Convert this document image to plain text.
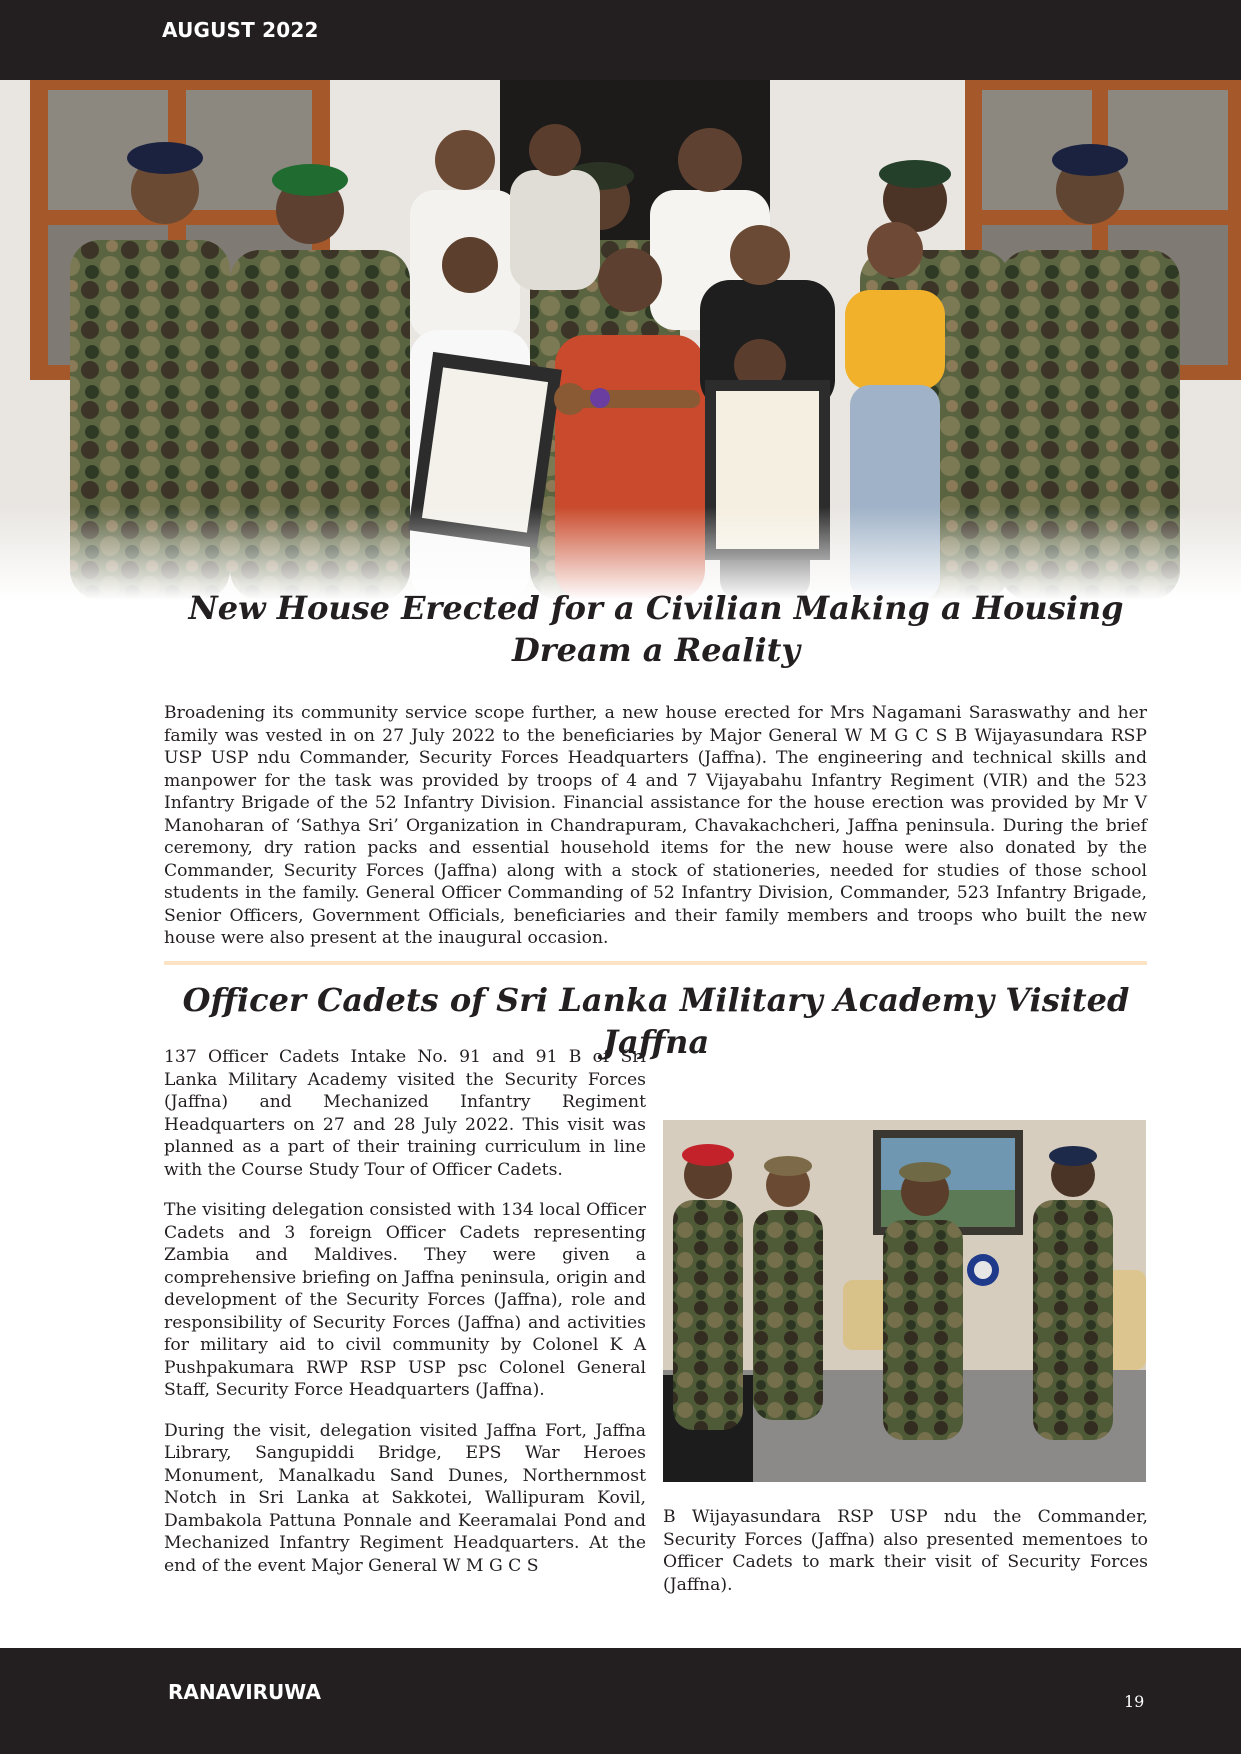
AUGUST 2022
New House Erected for a Civilian Making a Housing Dream a Reality

Broadening its community service scope further, a new house erected for Mrs Nagamani Saraswathy and her family was vested in on 27 July 2022 to the beneficiaries by Major General W M G C S B Wijayasundara RSP USP USP ndu Commander, Security Forces Headquarters (Jaffna). The engineering and technical skills and manpower for the task was provided by troops of 4 and 7 Vijayabahu Infantry Regiment (VIR) and the 523 Infantry Brigade of the 52 Infantry Division. Financial assistance for the house erection was provided by Mr V Manoharan of ‘Sathya Sri’ Organization in Chandrapuram, Chavakachcheri, Jaffna peninsula. During the brief ceremony, dry ration packs and essential household items for the new house were also donated by the Commander, Security Forces (Jaffna) along with a stock of stationeries, needed for studies of those school students in the family. General Officer Commanding of 52 Infantry Division, Commander, 523 Infantry Brigade, Senior Officers, Government Officials, beneficiaries and their family members and troops who built the new house were also present at the inaugural occasion.

Officer Cadets of Sri Lanka Military Academy Visited Jaffna

137 Officer Cadets Intake No. 91 and 91 B of Sri Lanka Military Academy visited the Security Forces (Jaffna) and Mechanized Infantry Regiment Headquarters on 27 and 28 July 2022. This visit was planned as a part of their training curriculum in line with the Course Study Tour of Officer Cadets.

The visiting delegation consisted with 134 local Officer Cadets and 3 foreign Officer Cadets representing Zambia and Maldives. They were given a comprehensive briefing on Jaffna peninsula, origin and development of the Security Forces (Jaffna), role and responsibility of Security Forces (Jaffna) and activities for military aid to civil community by Colonel K A Pushpakumara RWP RSP USP psc Colonel General Staff, Security Force Headquarters (Jaffna).

During the visit, delegation visited Jaffna Fort, Jaffna Library, Sangupiddi Bridge, EPS War Heroes Monument, Manalkadu Sand Dunes, Northernmost Notch in Sri Lanka at Sakkotei, Wallipuram Kovil, Dambakola Pattuna Ponnale and Keeramalai Pond and Mechanized Infantry Regiment Headquarters. At the end of the event Major General W M G C S

B Wijayasundara RSP USP ndu the Commander, Security Forces (Jaffna) also presented mementoes to Officer Cadets to mark their visit of Security Forces (Jaffna).

RANAVIRUWA	19
